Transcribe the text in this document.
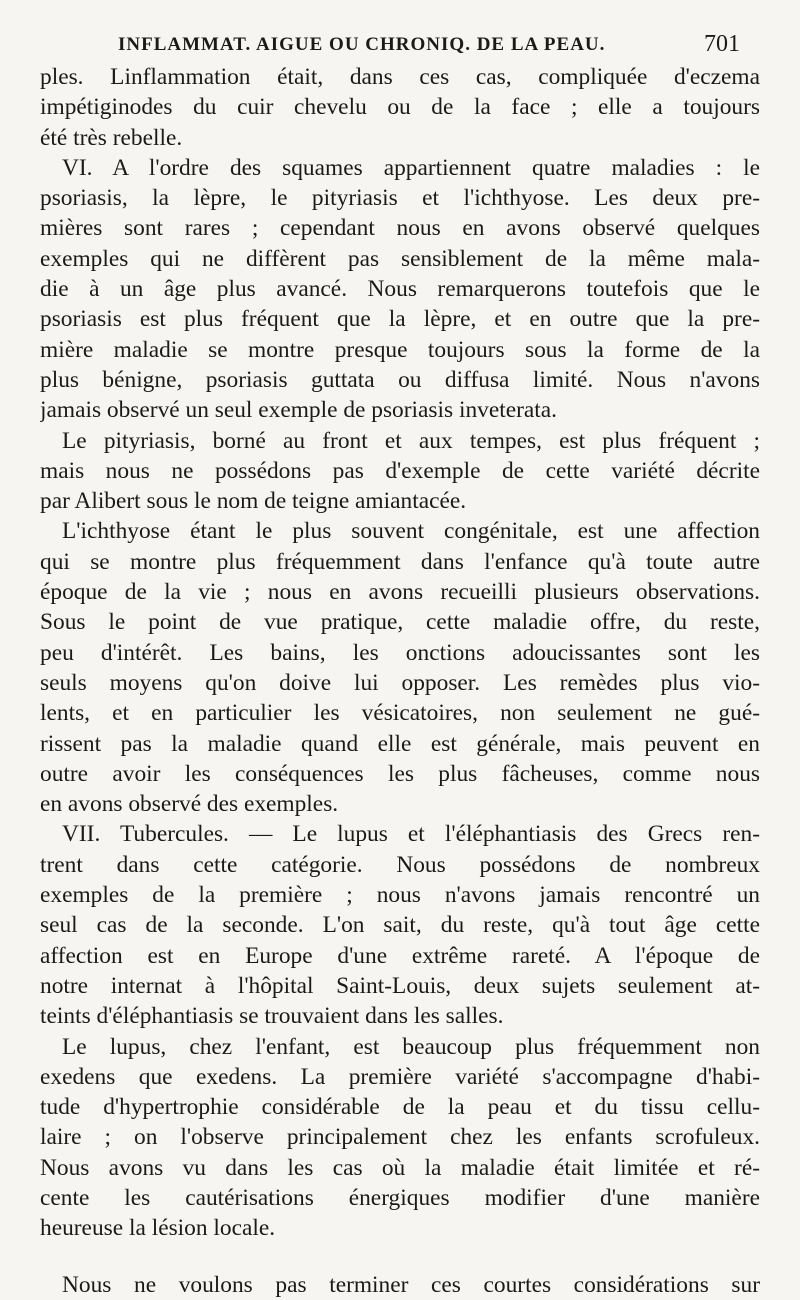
INFLAMMAT. AIGUE OU CHRONIQ. DE LA PEAU.	701
ples. Linflammation était, dans ces cas, compliquée d'eczema
impétiginodes du cuir chevelu ou de la face ; elle a toujours
été très rebelle.
VI. A l'ordre des squames appartiennent quatre maladies : le
psoriasis, la lèpre, le pityriasis et l'ichthyose. Les deux pre-
mières sont rares ; cependant nous en avons observé quelques
exemples qui ne diffèrent pas sensiblement de la même mala-
die à un âge plus avancé. Nous remarquerons toutefois que le
psoriasis est plus fréquent que la lèpre, et en outre que la pre-
mière maladie se montre presque toujours sous la forme de la
plus bénigne, psoriasis guttata ou diffusa limité. Nous n'avons
jamais observé un seul exemple de psoriasis inveterata.
Le pityriasis, borné au front et aux tempes, est plus fréquent ;
mais nous ne possédons pas d'exemple de cette variété décrite
par Alibert sous le nom de teigne amiantacée.
L'ichthyose étant le plus souvent congénitale, est une affection
qui se montre plus fréquemment dans l'enfance qu'à toute autre
époque de la vie ; nous en avons recueilli plusieurs observations.
Sous le point de vue pratique, cette maladie offre, du reste,
peu d'intérêt. Les bains, les onctions adoucissantes sont les
seuls moyens qu'on doive lui opposer. Les remèdes plus vio-
lents, et en particulier les vésicatoires, non seulement ne gué-
rissent pas la maladie quand elle est générale, mais peuvent en
outre avoir les conséquences les plus fâcheuses, comme nous
en avons observé des exemples.
VII. Tubercules. — Le lupus et l'éléphantiasis des Grecs ren-
trent dans cette catégorie. Nous possédons de nombreux
exemples de la première ; nous n'avons jamais rencontré un
seul cas de la seconde. L'on sait, du reste, qu'à tout âge cette
affection est en Europe d'une extrême rareté. A l'époque de
notre internat à l'hôpital Saint-Louis, deux sujets seulement at-
teints d'éléphantiasis se trouvaient dans les salles.
Le lupus, chez l'enfant, est beaucoup plus fréquemment non
exedens que exedens. La première variété s'accompagne d'habi-
tude d'hypertrophie considérable de la peau et du tissu cellu-
laire ; on l'observe principalement chez les enfants scrofuleux.
Nous avons vu dans les cas où la maladie était limitée et ré-
cente les cautérisations énergiques modifier d'une manière
heureuse la lésion locale.
Nous ne voulons pas terminer ces courtes considérations sur
